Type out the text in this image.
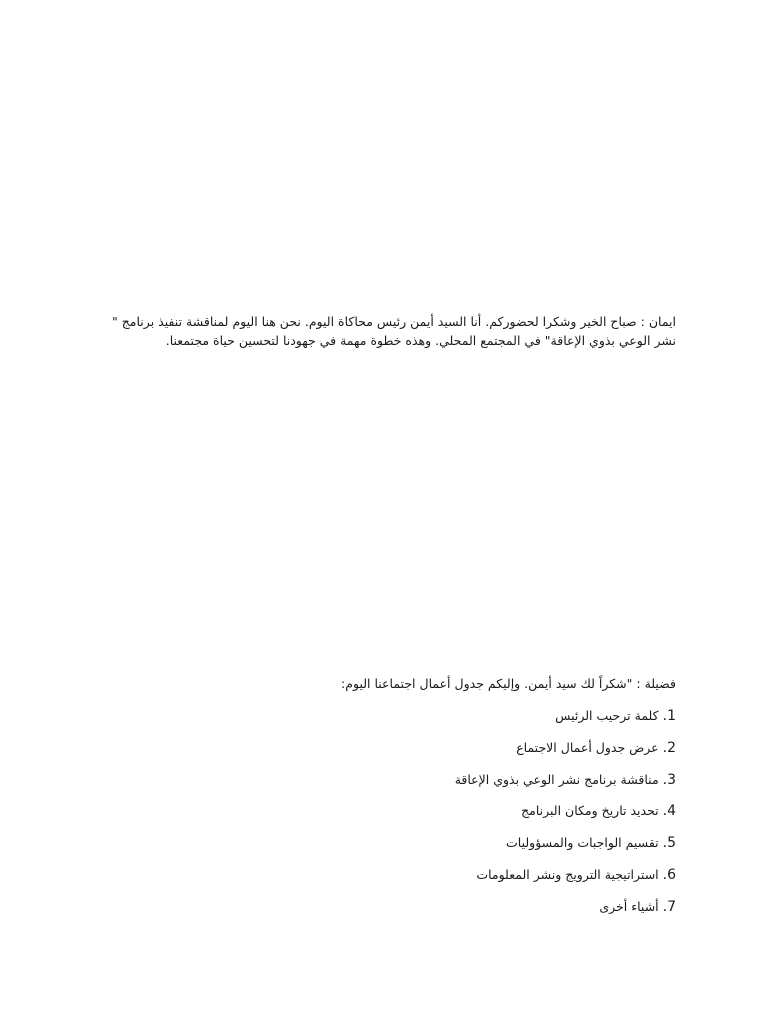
ايمان : صباح الخير وشكرا لحضوركم. أنا السيد أيمن رئيس محاكاة اليوم. نحن هنا اليوم لمناقشة تنفيذ برنامج " نشر الوعي بذوي الإعاقة" في المجتمع المحلي. وهذه خطوة مهمة في جهودنا لتحسين حياة مجتمعنا.

فضيلة : "شكراً لك سيد أيمن. وإليكم جدول أعمال اجتماعنا اليوم:

1. كلمة ترحيب الرئيس
2. عرض جدول أعمال الاجتماع
3. مناقشة برنامج نشر الوعي بذوي الإعاقة
4. تحديد تاريخ ومكان البرنامج
5. تقسيم الواجبات والمسؤوليات
6. استراتيجية الترويج ونشر المعلومات
7. أشياء أخرى
